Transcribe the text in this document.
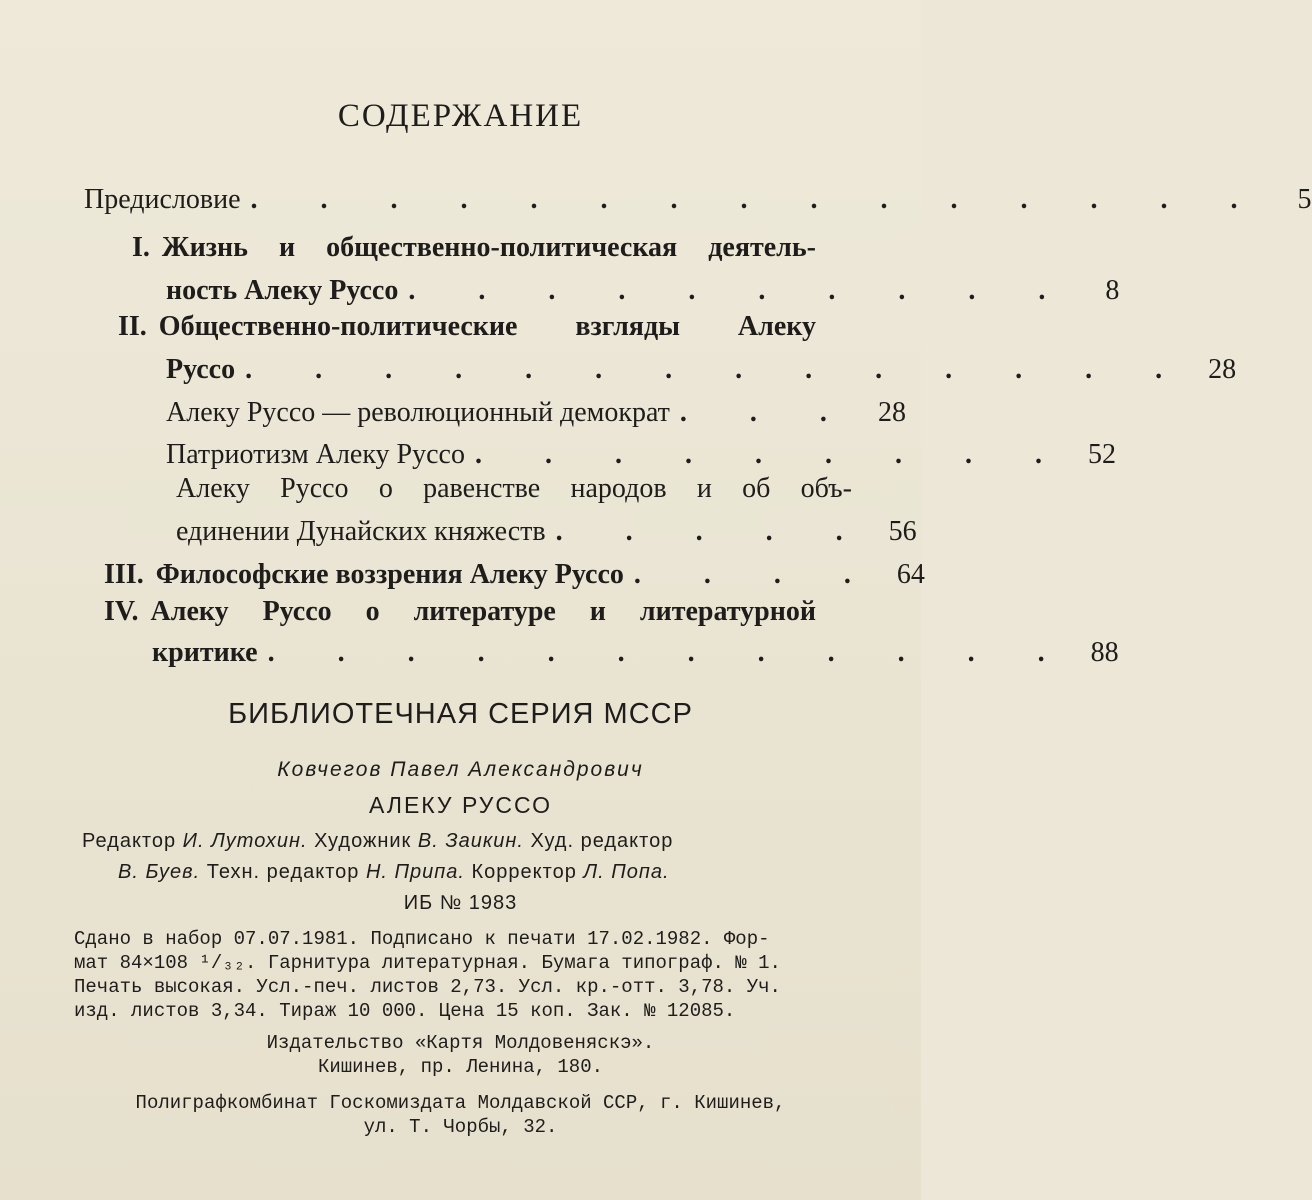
СОДЕРЖАНИЕ
Предисловие . . . . . . . . . . . . . . .	5
I. Жизнь и общественно-политическая деятель-
ность Алеку Руссо . . . . . . . . . .	8
II. Общественно-политические взгляды Алеку
Руссо . . . . . . . . . . . . . . 28
Алеку Руссо — революционный демократ . . . 28
Патриотизм Алеку Руссо . . . . . . . . . 52
Алеку Руссо о равенстве народов и об объ-
единении Дунайских княжеств . . . . . 56
III. Философские воззрения Алеку Руссо . . . . 64
IV. Алеку Руссо о литературе и литературной
критике . . . . . . . . . . . . 88
БИБЛИОТЕЧНАЯ СЕРИЯ МССР
Ковчегов Павел Александрович
АЛЕКУ РУССО
Редактор И. Лутохин. Художник В. Заикин. Худ. редактор
В. Буев. Техн. редактор Н. Припа. Корректор Л. Попа.
ИБ № 1983
Сдано в набор 07.07.1981. Подписано к печати 17.02.1982. Фор-
мат 84×108 ¹/₃₂. Гарнитура литературная. Бумага типограф. № 1.
Печать высокая. Усл.-печ. листов 2,73. Усл. кр.-отт. 3,78. Уч.
изд. листов 3,34. Тираж 10 000. Цена 15 коп. Зак. № 12085.
Издательство «Картя Молдовеняскэ».
Кишинев, пр. Ленина, 180.
Полиграфкомбинат Госкомиздата Молдавской ССР, г. Кишинев,
ул. Т. Чорбы, 32.
